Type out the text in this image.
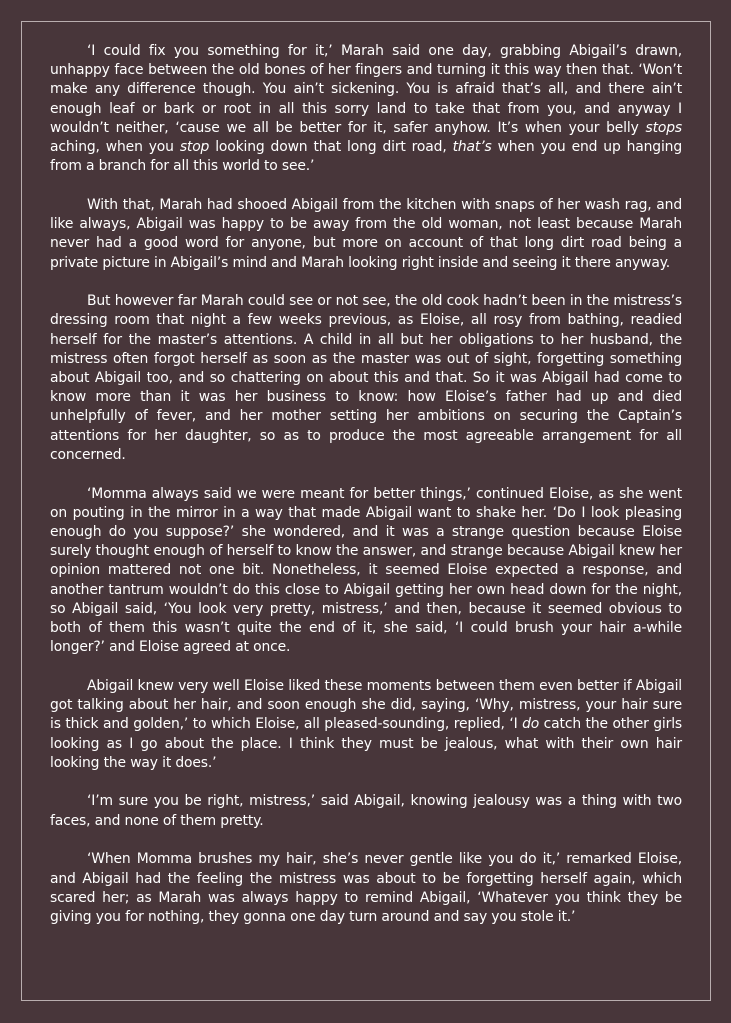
‘I could fix you something for it,’ Marah said one day, grabbing Abigail’s drawn, unhappy face between the old bones of her fingers and turning it this way then that. ‘Won’t make any difference though. You ain’t sickening. You is afraid that’s all, and there ain’t enough leaf or bark or root in all this sorry land to take that from you, and anyway I wouldn’t neither, ‘cause we all be better for it, safer anyhow. It’s when your belly stops aching, when you stop looking down that long dirt road, that’s when you end up hanging from a branch for all this world to see.’

With that, Marah had shooed Abigail from the kitchen with snaps of her wash rag, and like always, Abigail was happy to be away from the old woman, not least because Marah never had a good word for anyone, but more on account of that long dirt road being a private picture in Abigail’s mind and Marah looking right inside and seeing it there anyway.

But however far Marah could see or not see, the old cook hadn’t been in the mistress’s dressing room that night a few weeks previous, as Eloise, all rosy from bathing, readied herself for the master’s attentions. A child in all but her obligations to her husband, the mistress often forgot herself as soon as the master was out of sight, forgetting something about Abigail too, and so chattering on about this and that. So it was Abigail had come to know more than it was her business to know: how Eloise’s father had up and died unhelpfully of fever, and her mother setting her ambitions on securing the Captain’s attentions for her daughter, so as to produce the most agreeable arrangement for all concerned.

‘Momma always said we were meant for better things,’ continued Eloise, as she went on pouting in the mirror in a way that made Abigail want to shake her. ‘Do I look pleasing enough do you suppose?’ she wondered, and it was a strange question because Eloise surely thought enough of herself to know the answer, and strange because Abigail knew her opinion mattered not one bit. Nonetheless, it seemed Eloise expected a response, and another tantrum wouldn’t do this close to Abigail getting her own head down for the night, so Abigail said, ‘You look very pretty, mistress,’ and then, because it seemed obvious to both of them this wasn’t quite the end of it, she said, ‘I could brush your hair a-while longer?’ and Eloise agreed at once.

Abigail knew very well Eloise liked these moments between them even better if Abigail got talking about her hair, and soon enough she did, saying, ‘Why, mistress, your hair sure is thick and golden,’ to which Eloise, all pleased-sounding, replied, ‘I do catch the other girls looking as I go about the place. I think they must be jealous, what with their own hair looking the way it does.’

‘I’m sure you be right, mistress,’ said Abigail, knowing jealousy was a thing with two faces, and none of them pretty.

‘When Momma brushes my hair, she’s never gentle like you do it,’ remarked Eloise, and Abigail had the feeling the mistress was about to be forgetting herself again, which scared her; as Marah was always happy to remind Abigail, ‘Whatever you think they be giving you for nothing, they gonna one day turn around and say you stole it.’
